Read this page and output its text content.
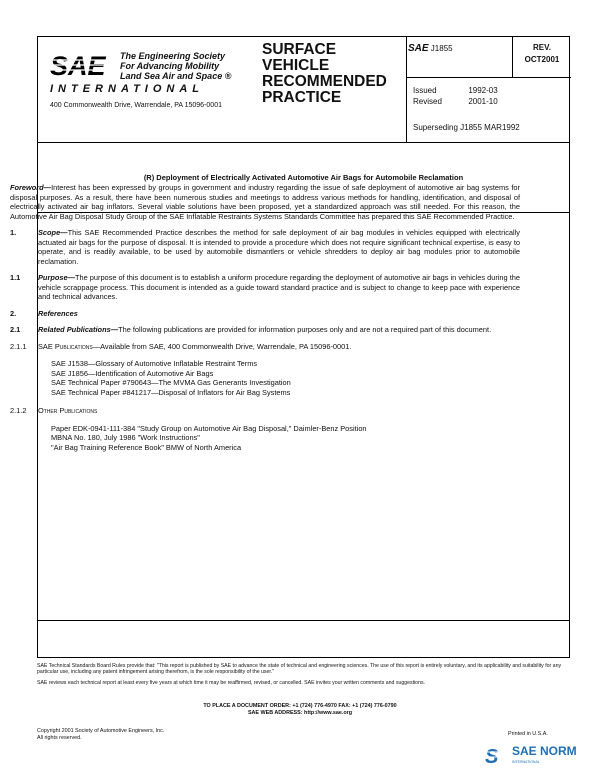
SAE The Engineering Society
For Advancing Mobility
Land Sea Air and Space ®
INTERNATIONAL
400 Commonwealth Drive, Warrendale, PA 15096-0001
SURFACE
VEHICLE
RECOMMENDED
PRACTICE
SAE J1855	REV.
OCT2001
Issued	1992-03
Revised	2001-10
Superseding J1855 MAR1992
(R) Deployment of Electrically Activated Automotive Air Bags for Automobile Reclamation
Foreword—Interest has been expressed by groups in government and industry regarding the issue of safe deployment of automotive air bag systems for disposal purposes. As a result, there have been numerous studies and meetings to address various methods for handling, identification, and disposal of electrically activated air bag inflators. Several viable solutions have been proposed, yet a standardized approach was still needed. For this reason, the Automotive Air Bag Disposal Study Group of the SAE Inflatable Restraints Systems Standards Committee has prepared this SAE Recommended Practice.
1.	Scope—This SAE Recommended Practice describes the method for safe deployment of air bag modules in vehicles equipped with electrically actuated air bags for the purpose of disposal. It is intended to provide a procedure which does not require significant technical expertise, is easy to operate, and is readily available, to be used by automobile dismantlers or vehicle shredders to deploy air bag modules prior to automobile reclamation.
1.1	Purpose—The purpose of this document is to establish a uniform procedure regarding the deployment of automotive air bags in vehicles during the vehicle scrappage process. This document is intended as a guide toward standard practice and is subject to change to keep pace with experience and technical advances.
2.	References
2.1	Related Publications—The following publications are provided for information purposes only and are not a required part of this document.
2.1.1	SAE Publications—Available from SAE, 400 Commonwealth Drive, Warrendale, PA 15096-0001.
SAE J1538—Glossary of Automotive Inflatable Restraint Terms
SAE J1856—Identification of Automotive Air Bags
SAE Technical Paper #790643—The MVMA Gas Generants Investigation
SAE Technical Paper #841217—Disposal of Inflators for Air Bag Systems
2.1.2	Other Publications
Paper EDK-0941-111-384 "Study Group on Automotive Air Bag Disposal," Daimler-Benz Position
MBNA No. 180, July 1986 "Work Instructions"
"Air Bag Training Reference Book" BMW of North America

SAE Technical Standards Board Rules provide that: "This report is published by SAE to advance the state of technical and engineering sciences. The use of this report is entirely voluntary, and its applicability and suitability for any particular use, including any patent infringement arising therefrom, is the sole responsibility of the user."

SAE reviews each technical report at least every five years at which time it may be reaffirmed, revised, or cancelled. SAE invites your written comments and suggestions.

TO PLACE A DOCUMENT ORDER: +1 (724) 776-4970 FAX: +1 (724) 776-0790
SAE WEB ADDRESS: http://www.sae.org
Copyright 2001 Society of Automotive Engineers, Inc.
All rights reserved.
Printed in U.S.A.
S SAE NORM
INTERNATIONAL
